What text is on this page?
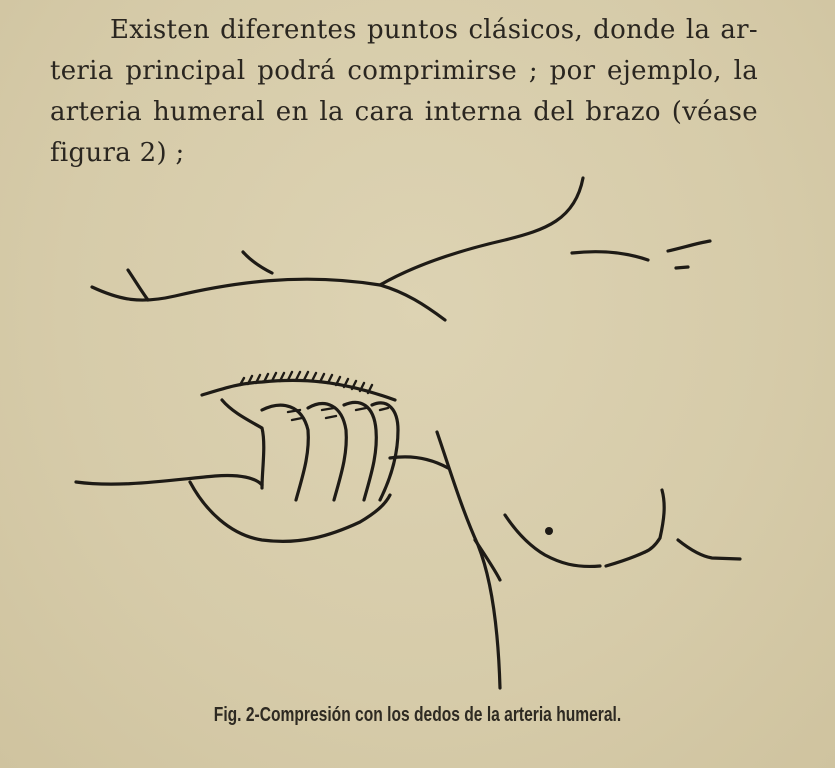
Existen diferentes puntos clásicos, donde la ar-
teria principal podrá comprimirse ; por ejemplo, la
arteria humeral en la cara interna del brazo (véase
figura 2) ;
Fig. 2-Compresión con los dedos de la arteria humeral.
